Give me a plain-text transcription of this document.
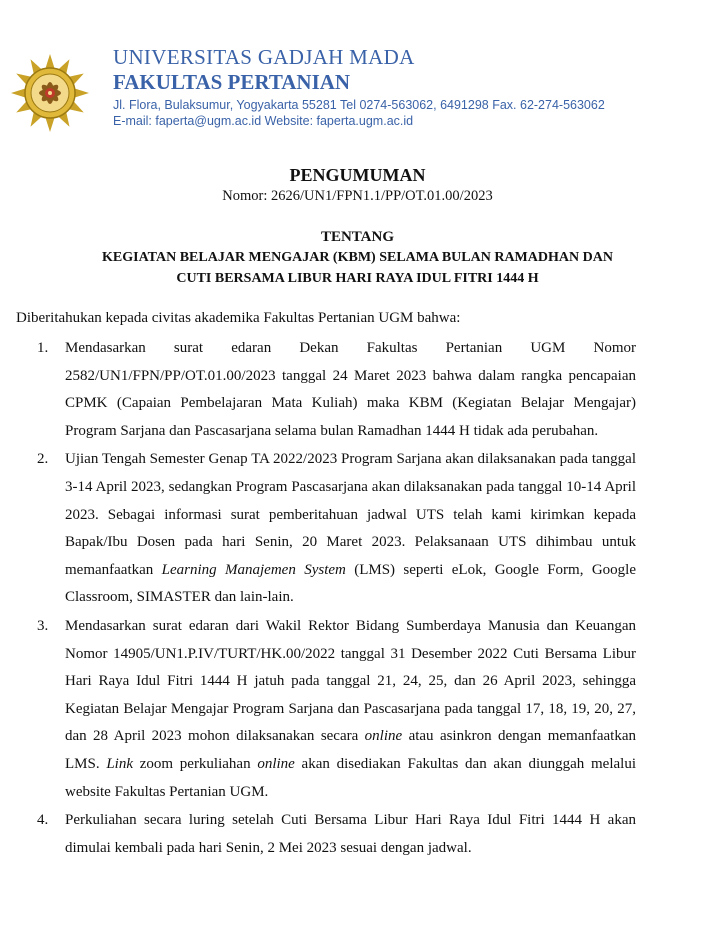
UNIVERSITAS GADJAH MADA
FAKULTAS PERTANIAN
Jl. Flora, Bulaksumur, Yogyakarta 55281 Tel 0274-563062, 6491298 Fax. 62-274-563062
E-mail: faperta@ugm.ac.id Website: faperta.ugm.ac.id
PENGUMUMAN
Nomor: 2626/UN1/FPN1.1/PP/OT.01.00/2023
TENTANG
KEGIATAN BELAJAR MENGAJAR (KBM) SELAMA BULAN RAMADHAN DAN
CUTI BERSAMA LIBUR HARI RAYA IDUL FITRI 1444 H
Diberitahukan kepada civitas akademika Fakultas Pertanian UGM bahwa:
1. Mendasarkan surat edaran Dekan Fakultas Pertanian UGM Nomor 2582/UN1/FPN/PP/OT.01.00/2023 tanggal 24 Maret 2023 bahwa dalam rangka pencapaian CPMK (Capaian Pembelajaran Mata Kuliah) maka KBM (Kegiatan Belajar Mengajar) Program Sarjana dan Pascasarjana selama bulan Ramadhan 1444 H tidak ada perubahan.
2. Ujian Tengah Semester Genap TA 2022/2023 Program Sarjana akan dilaksanakan pada tanggal 3-14 April 2023, sedangkan Program Pascasarjana akan dilaksanakan pada tanggal 10-14 April 2023. Sebagai informasi surat pemberitahuan jadwal UTS telah kami kirimkan kepada Bapak/Ibu Dosen pada hari Senin, 20 Maret 2023. Pelaksanaan UTS dihimbau untuk memanfaatkan Learning Manajemen System (LMS) seperti eLok, Google Form, Google Classroom, SIMASTER dan lain-lain.
3. Mendasarkan surat edaran dari Wakil Rektor Bidang Sumberdaya Manusia dan Keuangan Nomor 14905/UN1.P.IV/TURT/HK.00/2022 tanggal 31 Desember 2022 Cuti Bersama Libur Hari Raya Idul Fitri 1444 H jatuh pada tanggal 21, 24, 25, dan 26 April 2023, sehingga Kegiatan Belajar Mengajar Program Sarjana dan Pascasarjana pada tanggal 17, 18, 19, 20, 27, dan 28 April 2023 mohon dilaksanakan secara online atau asinkron dengan memanfaatkan LMS. Link zoom perkuliahan online akan disediakan Fakultas dan akan diunggah melalui website Fakultas Pertanian UGM.
4. Perkuliahan secara luring setelah Cuti Bersama Libur Hari Raya Idul Fitri 1444 H akan dimulai kembali pada hari Senin, 2 Mei 2023 sesuai dengan jadwal.
